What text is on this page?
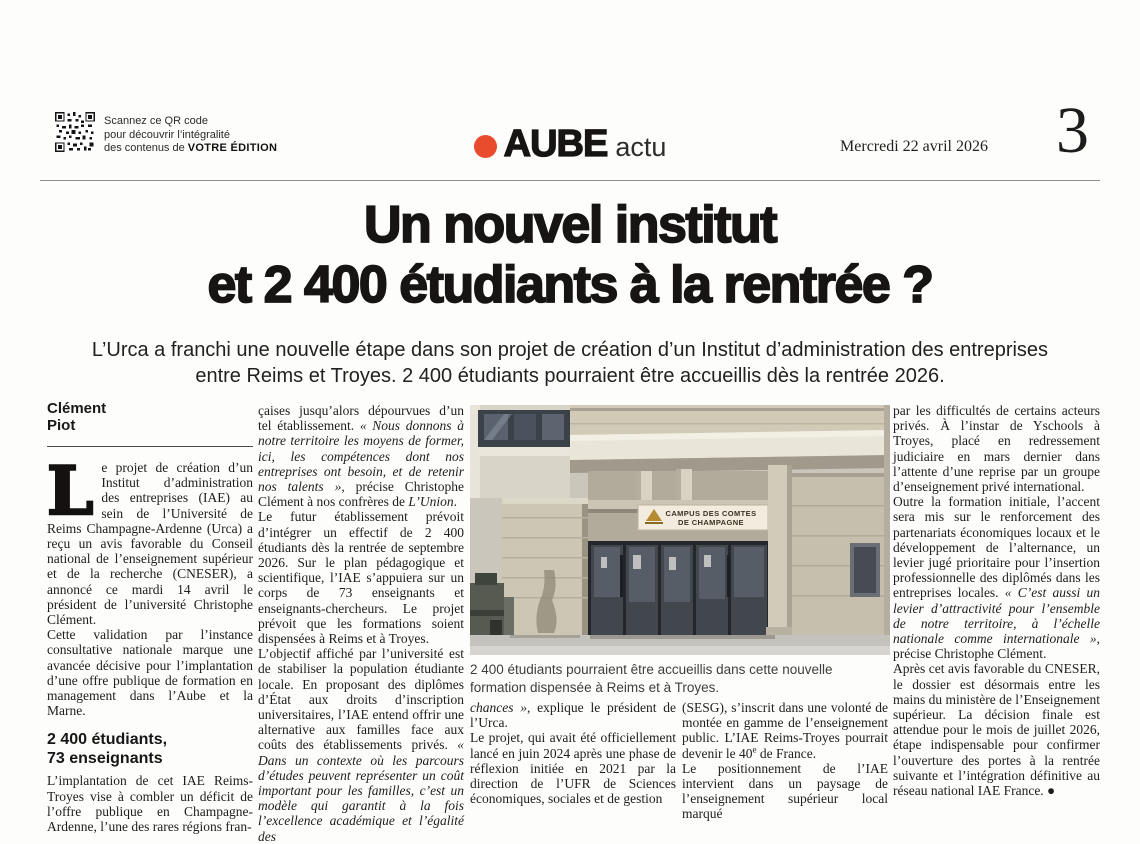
Scannez ce QR code
pour découvrir l’intégralité
des contenus de VOTRE ÉDITION	AUBE actu	Mercredi 22 avril 2026 3
Un nouvel institut
et 2 400 étudiants à la rentrée ?
L’Urca a franchi une nouvelle étape dans son projet de création d’un Institut d’administration des entreprises entre Reims et Troyes. 2 400 étudiants pourraient être accueillis dès la rentrée 2026.
Clément
Piot

Le projet de création d’un Institut d’administration des entreprises (IAE) au sein de l’Université de Reims Champagne-Ardenne (Urca) a reçu un avis favorable du Conseil national de l’enseignement supérieur et de la recherche (CNESER), a annoncé ce mardi 14 avril le président de l’université Christophe Clément.

Cette validation par l’instance consultative nationale marque une avancée décisive pour l’implantation d’une offre publique de formation en management dans l’Aube et la Marne.

2 400 étudiants,
73 enseignants

L’implantation de cet IAE Reims-Troyes vise à combler un déficit de l’offre publique en Champagne-Ardenne, l’une des rares régions fran-

çaises jusqu’alors dépourvues d’un tel établissement. « Nous donnons à notre territoire les moyens de former, ici, les compétences dont nos entreprises ont besoin, et de retenir nos talents », précise Christophe Clément à nos confrères de L’Union.

Le futur établissement prévoit d’intégrer un effectif de 2 400 étudiants dès la rentrée de septembre 2026. Sur le plan pédagogique et scientifique, l’IAE s’appuiera sur un corps de 73 enseignants et enseignants-chercheurs. Le projet prévoit que les formations soient dispensées à Reims et à Troyes.

L’objectif affiché par l’université est de stabiliser la population étudiante locale. En proposant des diplômes d’État aux droits d’inscription universitaires, l’IAE entend offrir une alternative aux familles face aux coûts des établissements privés. « Dans un contexte où les parcours d’études peuvent représenter un coût important pour les familles, c’est un modèle qui garantit à la fois l’excellence académique et l’égalité des

CAMPUS DES COMTES
DE CHAMPAGNE
2 400 étudiants pourraient être accueillis dans cette nouvelle formation dispensée à Reims et à Troyes.

chances », explique le président de l’Urca.

Le projet, qui avait été officiellement lancé en juin 2024 après une phase de réflexion initiée en 2021 par la direction de l’UFR de Sciences économiques, sociales et de gestion

(SESG), s’inscrit dans une volonté de montée en gamme de l’enseignement public. L’IAE Reims-Troyes pourrait devenir le 40e de France.

Le positionnement de l’IAE intervient dans un paysage de l’enseignement supérieur local marqué

par les difficultés de certains acteurs privés. À l’instar de Yschools à Troyes, placé en redressement judiciaire en mars dernier dans l’attente d’une reprise par un groupe d’enseignement privé international.

Outre la formation initiale, l’accent sera mis sur le renforcement des partenariats économiques locaux et le développement de l’alternance, un levier jugé prioritaire pour l’insertion professionnelle des diplômés dans les entreprises locales. « C’est aussi un levier d’attractivité pour l’ensemble de notre territoire, à l’échelle nationale comme internationale », précise Christophe Clément.

Après cet avis favorable du CNESER, le dossier est désormais entre les mains du ministère de l’Enseignement supérieur. La décision finale est attendue pour le mois de juillet 2026, étape indispensable pour confirmer l’ouverture des portes à la rentrée suivante et l’intégration définitive au réseau national IAE France. ●
